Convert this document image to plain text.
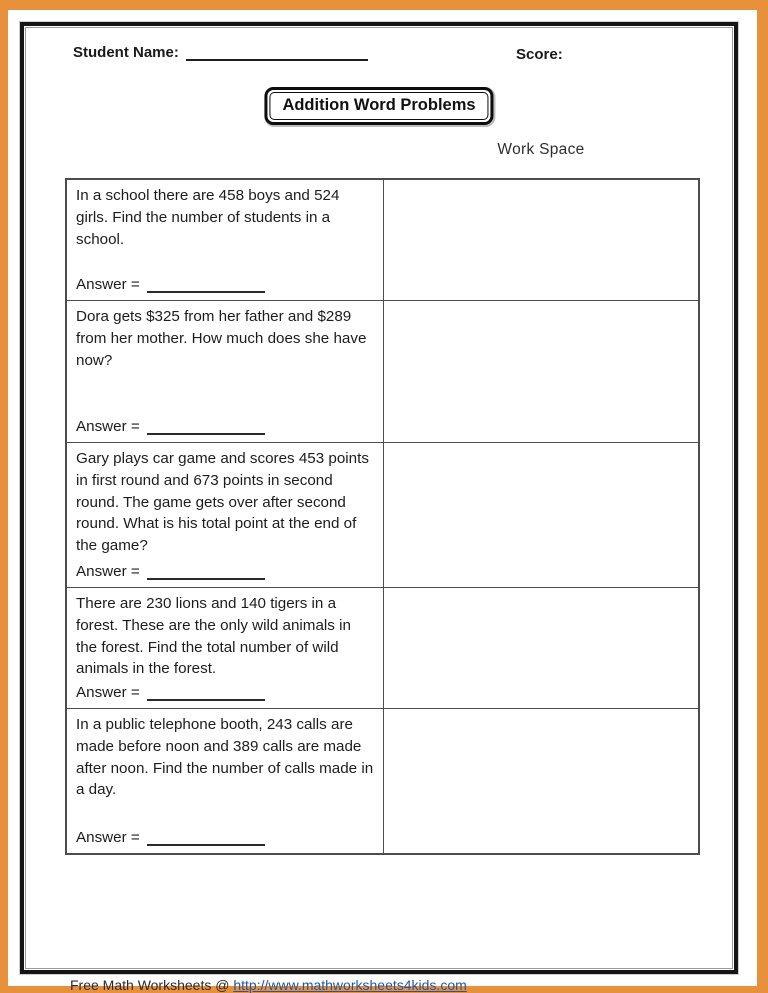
Student Name:	Score:
Addition Word Problems
Work Space
In a school there are 458 boys and 524 girls. Find the number of students in a school.
Answer =
Dora gets $325 from her father and $289 from her mother. How much does she have now?
Answer =
Gary plays car game and scores 453 points in first round and 673 points in second round. The game gets over after second round. What is his total point at the end of the game?
Answer =
There are 230 lions and 140 tigers in a forest. These are the only wild animals in the forest. Find the total number of wild animals in the forest.
Answer =
In a public telephone booth, 243 calls are made before noon and 389 calls are made after noon. Find the number of calls made in a day.
Answer =
Free Math Worksheets @ http://www.mathworksheets4kids.com
